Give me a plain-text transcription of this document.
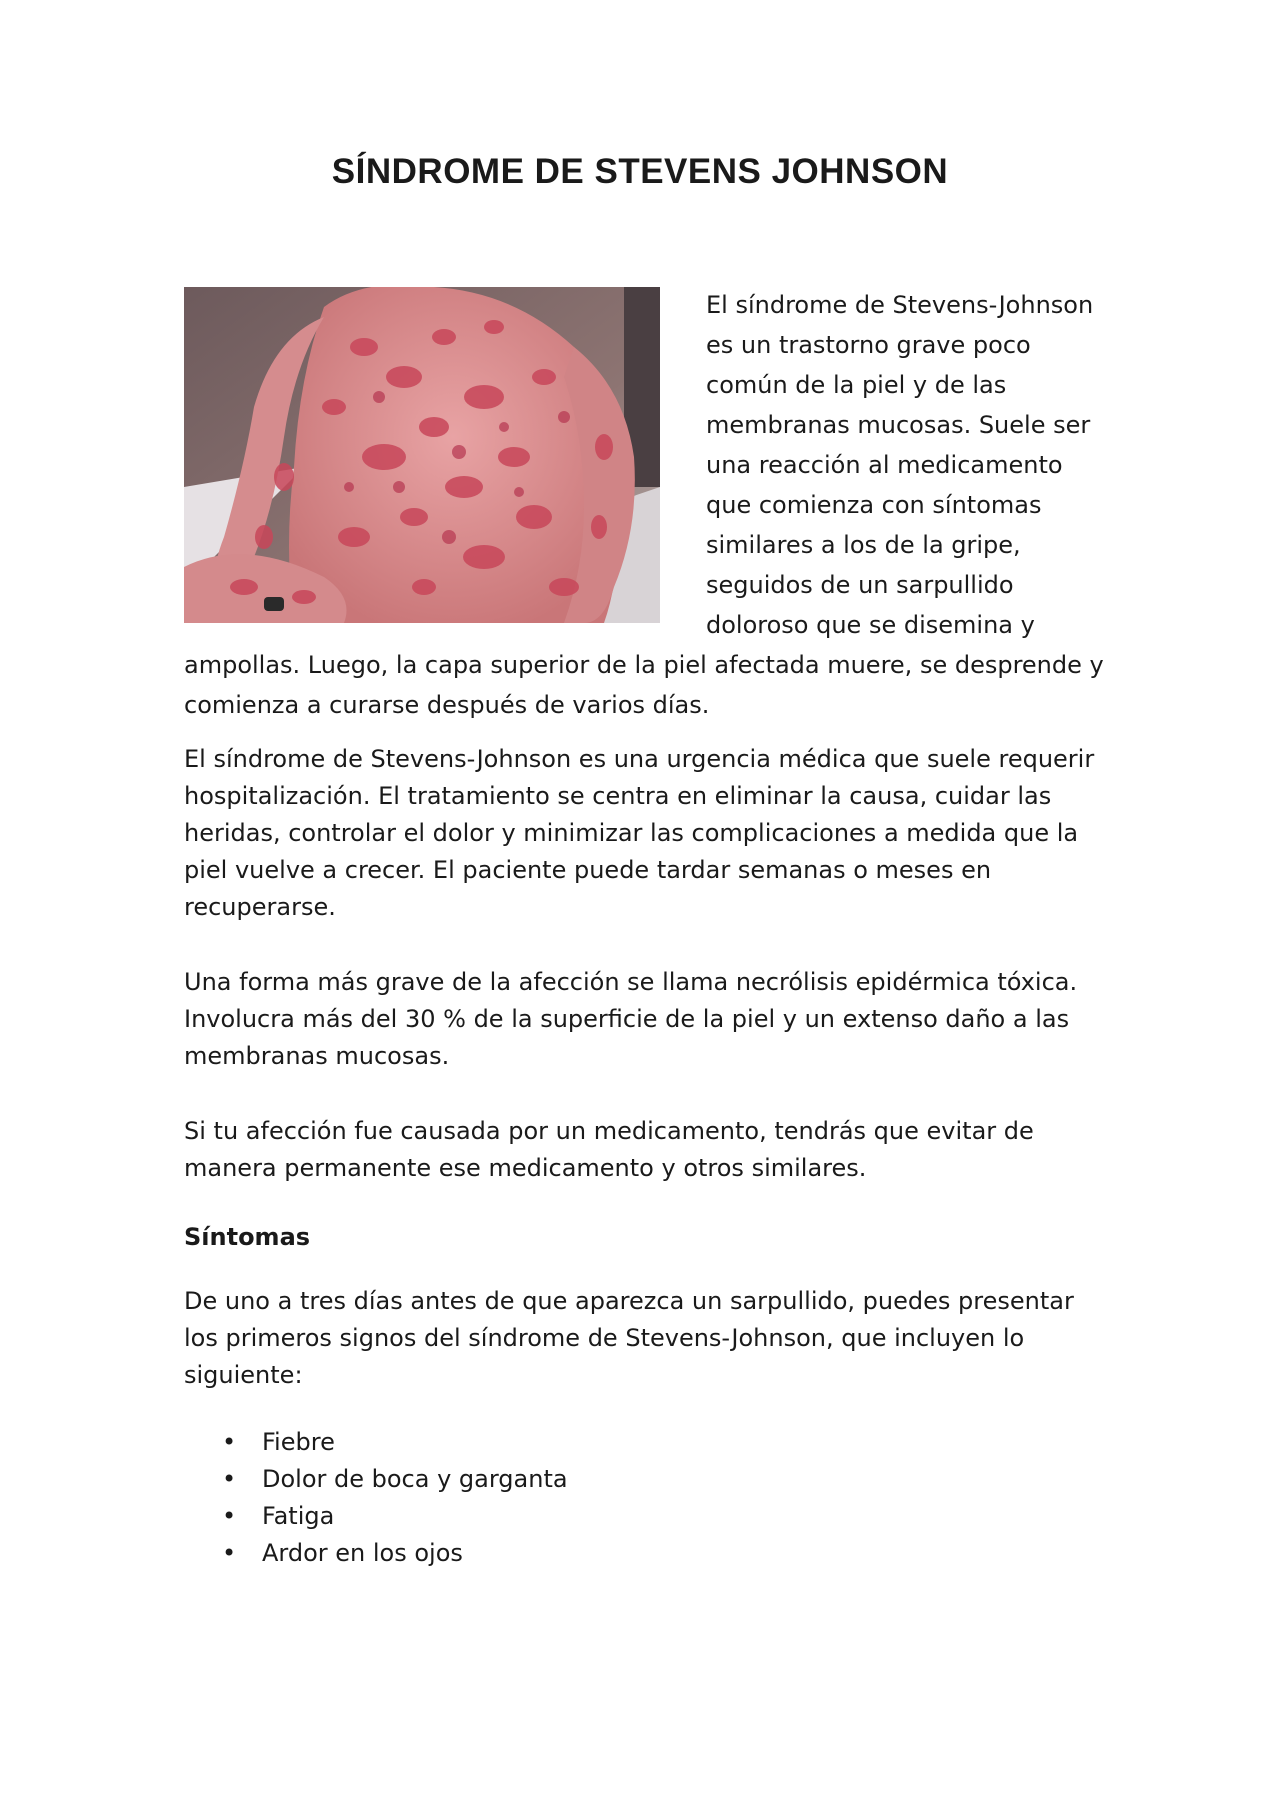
SÍNDROME DE STEVENS JOHNSON

El síndrome de Stevens-Johnson es un trastorno grave poco común de la piel y de las membranas mucosas. Suele ser una reacción al medicamento que comienza con síntomas similares a los de la gripe, seguidos de un sarpullido doloroso que se disemina y ampollas. Luego, la capa superior de la piel afectada muere, se desprende y comienza a curarse después de varios días.

El síndrome de Stevens-Johnson es una urgencia médica que suele requerir hospitalización. El tratamiento se centra en eliminar la causa, cuidar las heridas, controlar el dolor y minimizar las complicaciones a medida que la piel vuelve a crecer. El paciente puede tardar semanas o meses en recuperarse.

Una forma más grave de la afección se llama necrólisis epidérmica tóxica. Involucra más del 30 % de la superficie de la piel y un extenso daño a las membranas mucosas.

Si tu afección fue causada por un medicamento, tendrás que evitar de manera permanente ese medicamento y otros similares.

Síntomas

De uno a tres días antes de que aparezca un sarpullido, puedes presentar los primeros signos del síndrome de Stevens-Johnson, que incluyen lo siguiente:

• Fiebre
• Dolor de boca y garganta
• Fatiga
• Ardor en los ojos
